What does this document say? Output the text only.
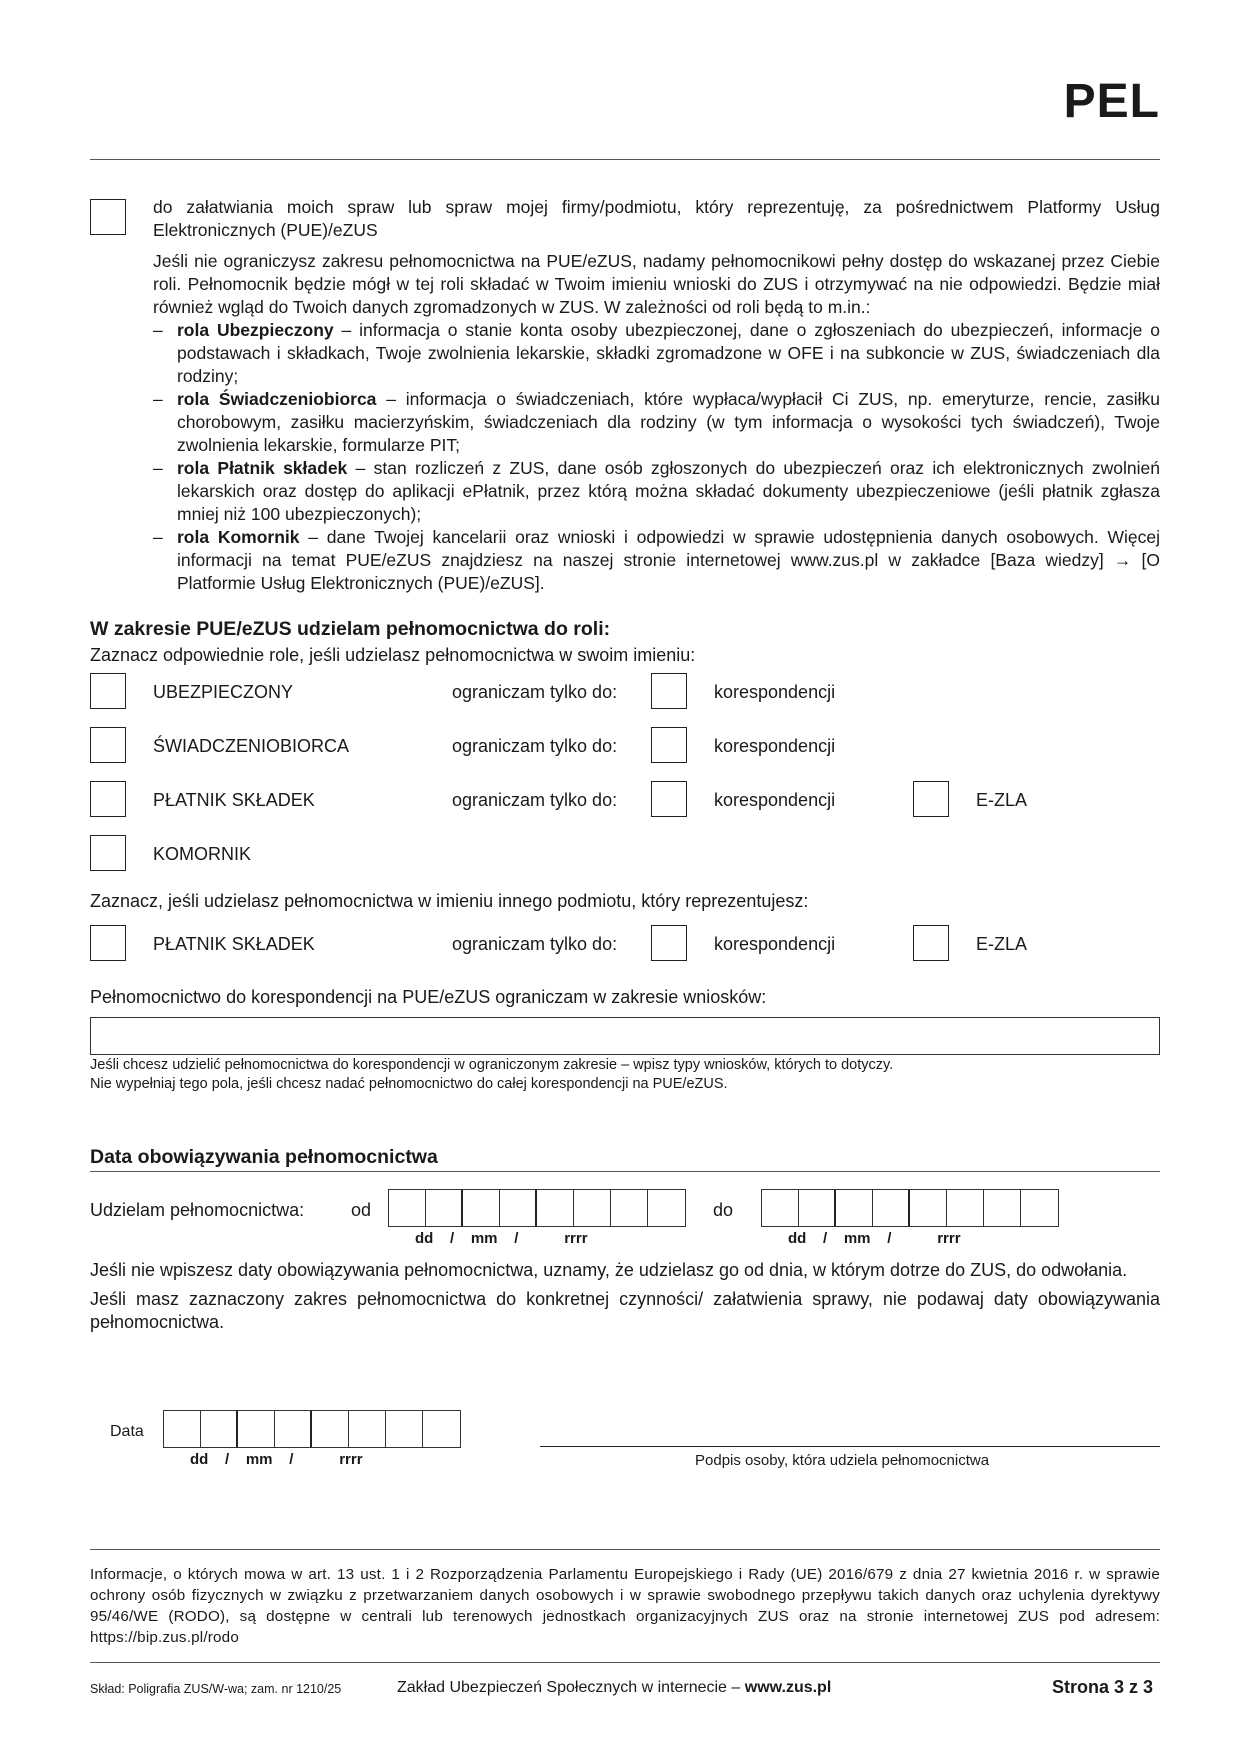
PEL
do załatwiania moich spraw lub spraw mojej firmy/podmiotu, który reprezentuję, za pośrednictwem Platformy Usług Elektronicznych (PUE)/eZUS
Jeśli nie ograniczysz zakresu pełnomocnictwa na PUE/eZUS, nadamy pełnomocnikowi pełny dostęp do wskazanej przez Ciebie roli. Pełnomocnik będzie mógł w tej roli składać w Twoim imieniu wnioski do ZUS i otrzymywać na nie odpowiedzi. Będzie miał również wgląd do Twoich danych zgromadzonych w ZUS. W zależności od roli będą to m.in.:
– rola Ubezpieczony – informacja o stanie konta osoby ubezpieczonej, dane o zgłoszeniach do ubezpieczeń, informacje o podstawach i składkach, Twoje zwolnienia lekarskie, składki zgromadzone w OFE i na subkoncie w ZUS, świadczeniach dla rodziny;
– rola Świadczeniobiorca – informacja o świadczeniach, które wypłaca/wypłacił Ci ZUS, np. emeryturze, rencie, zasiłku chorobowym, zasiłku macierzyńskim, świadczeniach dla rodziny (w tym informacja o wysokości tych świadczeń), Twoje zwolnienia lekarskie, formularze PIT;
– rola Płatnik składek – stan rozliczeń z ZUS, dane osób zgłoszonych do ubezpieczeń oraz ich elektronicznych zwolnień lekarskich oraz dostęp do aplikacji ePłatnik, przez którą można składać dokumenty ubezpieczeniowe (jeśli płatnik zgłasza mniej niż 100 ubezpieczonych);
– rola Komornik – dane Twojej kancelarii oraz wnioski i odpowiedzi w sprawie udostępnienia danych osobowych. Więcej informacji na temat PUE/eZUS znajdziesz na naszej stronie internetowej www.zus.pl w zakładce [Baza wiedzy] → [O Platformie Usług Elektronicznych (PUE)/eZUS].
W zakresie PUE/eZUS udzielam pełnomocnictwa do roli:
Zaznacz odpowiednie role, jeśli udzielasz pełnomocnictwa w swoim imieniu:
UBEZPIECZONY	ograniczam tylko do:	korespondencji
ŚWIADCZENIOBIORCA	ograniczam tylko do:	korespondencji
PŁATNIK SKŁADEK	ograniczam tylko do:	korespondencji	E-ZLA
KOMORNIK
Zaznacz, jeśli udzielasz pełnomocnictwa w imieniu innego podmiotu, który reprezentujesz:
PŁATNIK SKŁADEK	ograniczam tylko do:	korespondencji	E-ZLA
Pełnomocnictwo do korespondencji na PUE/eZUS ograniczam w zakresie wniosków:
Jeśli chcesz udzielić pełnomocnictwa do korespondencji w ograniczonym zakresie – wpisz typy wniosków, których to dotyczy.
Nie wypełniaj tego pola, jeśli chcesz nadać pełnomocnictwo do całej korespondencji na PUE/eZUS.
Data obowiązywania pełnomocnictwa
Udzielam pełnomocnictwa:	od
dd / mm /	rrrr
do
dd / mm /	rrrr
Jeśli nie wpiszesz daty obowiązywania pełnomocnictwa, uznamy, że udzielasz go od dnia, w którym dotrze do ZUS, do odwołania.
Jeśli masz zaznaczony zakres pełnomocnictwa do konkretnej czynności/ załatwienia sprawy, nie podawaj daty obowiązywania pełnomocnictwa.
Data
dd / mm /	rrrr	Podpis osoby, która udziela pełnomocnictwa
Informacje, o których mowa w art. 13 ust. 1 i 2 Rozporządzenia Parlamentu Europejskiego i Rady (UE) 2016/679 z dnia 27 kwietnia 2016 r. w sprawie ochrony osób fizycznych w związku z przetwarzaniem danych osobowych i w sprawie swobodnego przepływu takich danych oraz uchylenia dyrektywy 95/46/WE (RODO), są dostępne w centrali lub terenowych jednostkach organizacyjnych ZUS oraz na stronie internetowej ZUS pod adresem: https://bip.zus.pl/rodo
Skład: Poligrafia ZUS/W-wa; zam. nr 1210/25	Zakład Ubezpieczeń Społecznych w internecie – www.zus.pl	Strona 3 z 3
